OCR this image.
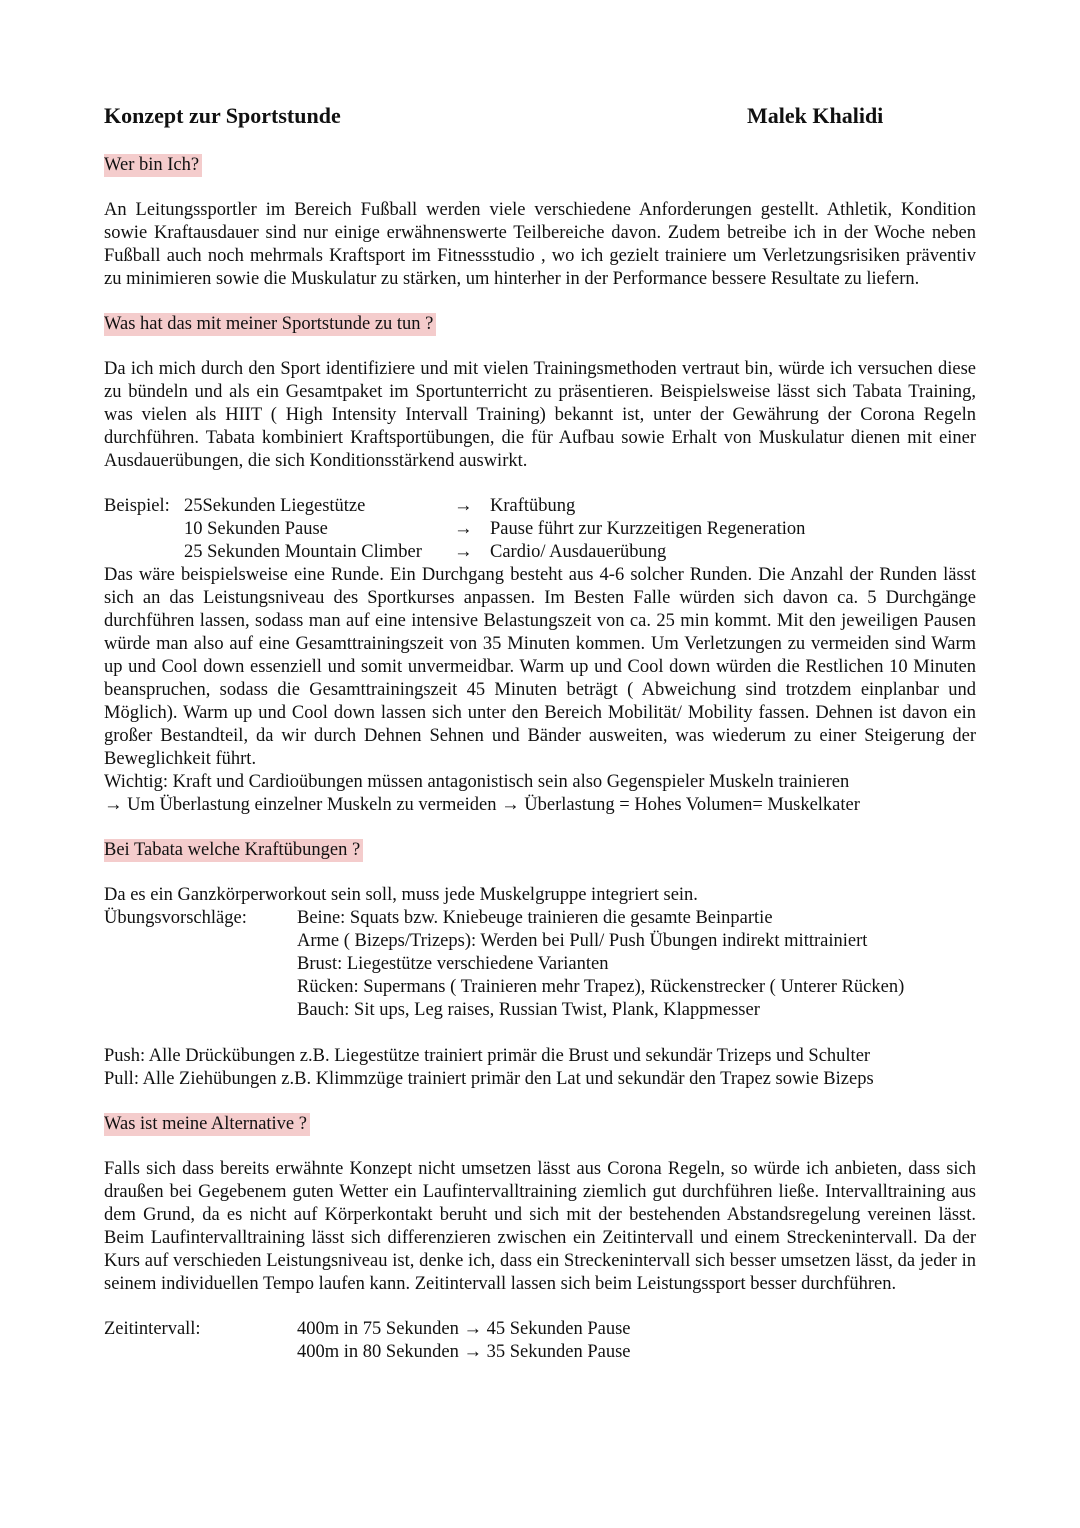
Konzept zur Sportstunde	Malek Khalidi
Wer bin Ich?

An Leitungssportler im Bereich Fußball werden viele verschiedene Anforderungen gestellt. Athletik, Kondition sowie Kraftausdauer sind nur einige erwähnenswerte Teilbereiche davon. Zudem betreibe ich in der Woche neben Fußball auch noch mehrmals Kraftsport im Fitnessstudio , wo ich gezielt trainiere um Verletzungsrisiken präventiv zu minimieren sowie die Muskulatur zu stärken, um hinterher in der Performance bessere Resultate zu liefern.

Was hat das mit meiner Sportstunde zu tun ?

Da ich mich durch den Sport identifiziere und mit vielen Trainingsmethoden vertraut bin, würde ich versuchen diese zu bündeln und als ein Gesamtpaket im Sportunterricht zu präsentieren. Beispielsweise lässt sich Tabata Training, was vielen als HIIT ( High Intensity Intervall Training) bekannt ist, unter der Gewährung der Corona Regeln durchführen. Tabata kombiniert Kraftsportübungen, die für Aufbau sowie Erhalt von Muskulatur dienen mit einer Ausdauerübungen, die sich Konditionsstärkend auswirkt.

Beispiel: 25Sekunden Liegestütze	→ Kraftübung
10 Sekunden Pause	→ Pause führt zur Kurzzeitigen Regeneration
25 Sekunden Mountain Climber	→ Cardio/ Ausdauerübung

Das wäre beispielsweise eine Runde. Ein Durchgang besteht aus 4-6 solcher Runden. Die Anzahl der Runden lässt sich an das Leistungsniveau des Sportkurses anpassen. Im Besten Falle würden sich davon ca. 5 Durchgänge durchführen lassen, sodass man auf eine intensive Belastungszeit von ca. 25 min kommt. Mit den jeweiligen Pausen würde man also auf eine Gesamttrainingszeit von 35 Minuten kommen. Um Verletzungen zu vermeiden sind Warm up und Cool down essenziell und somit unvermeidbar. Warm up und Cool down würden die Restlichen 10 Minuten beanspruchen, sodass die Gesamttrainingszeit 45 Minuten beträgt ( Abweichung sind trotzdem einplanbar und Möglich). Warm up und Cool down lassen sich unter den Bereich Mobilität/ Mobility fassen. Dehnen ist davon ein großer Bestandteil, da wir durch Dehnen Sehnen und Bänder ausweiten, was wiederum zu einer Steigerung der Beweglichkeit führt.

Wichtig: Kraft und Cardioübungen müssen antagonistisch sein also Gegenspieler Muskeln trainieren

→ Um Überlastung einzelner Muskeln zu vermeiden → Überlastung = Hohes Volumen= Muskelkater

Bei Tabata welche Kraftübungen ?

Da es ein Ganzkörperworkout sein soll, muss jede Muskelgruppe integriert sein.

Übungsvorschläge:	Beine: Squats bzw. Kniebeuge trainieren die gesamte Beinpartie
Arme ( Bizeps/Trizeps): Werden bei Pull/ Push Übungen indirekt mittrainiert
Brust: Liegestütze verschiedene Varianten
Rücken: Supermans ( Trainieren mehr Trapez), Rückenstrecker ( Unterer Rücken)
Bauch: Sit ups, Leg raises, Russian Twist, Plank, Klappmesser

Push: Alle Drückübungen z.B. Liegestütze trainiert primär die Brust und sekundär Trizeps und Schulter

Pull: Alle Ziehübungen z.B. Klimmzüge trainiert primär den Lat und sekundär den Trapez sowie Bizeps

Was ist meine Alternative ?

Falls sich dass bereits erwähnte Konzept nicht umsetzen lässt aus Corona Regeln, so würde ich anbieten, dass sich draußen bei Gegebenem guten Wetter ein Laufintervalltraining ziemlich gut durchführen ließe. Intervalltraining aus dem Grund, da es nicht auf Körperkontakt beruht und sich mit der bestehenden Abstandsregelung vereinen lässt. Beim Laufintervalltraining lässt sich differenzieren zwischen ein Zeitintervall und einem Streckenintervall. Da der Kurs auf verschieden Leistungsniveau ist, denke ich, dass ein Streckenintervall sich besser umsetzen lässt, da jeder in seinem individuellen Tempo laufen kann. Zeitintervall lassen sich beim Leistungssport besser durchführen.

Zeitintervall:	400m in 75 Sekunden → 45 Sekunden Pause
400m in 80 Sekunden → 35 Sekunden Pause
